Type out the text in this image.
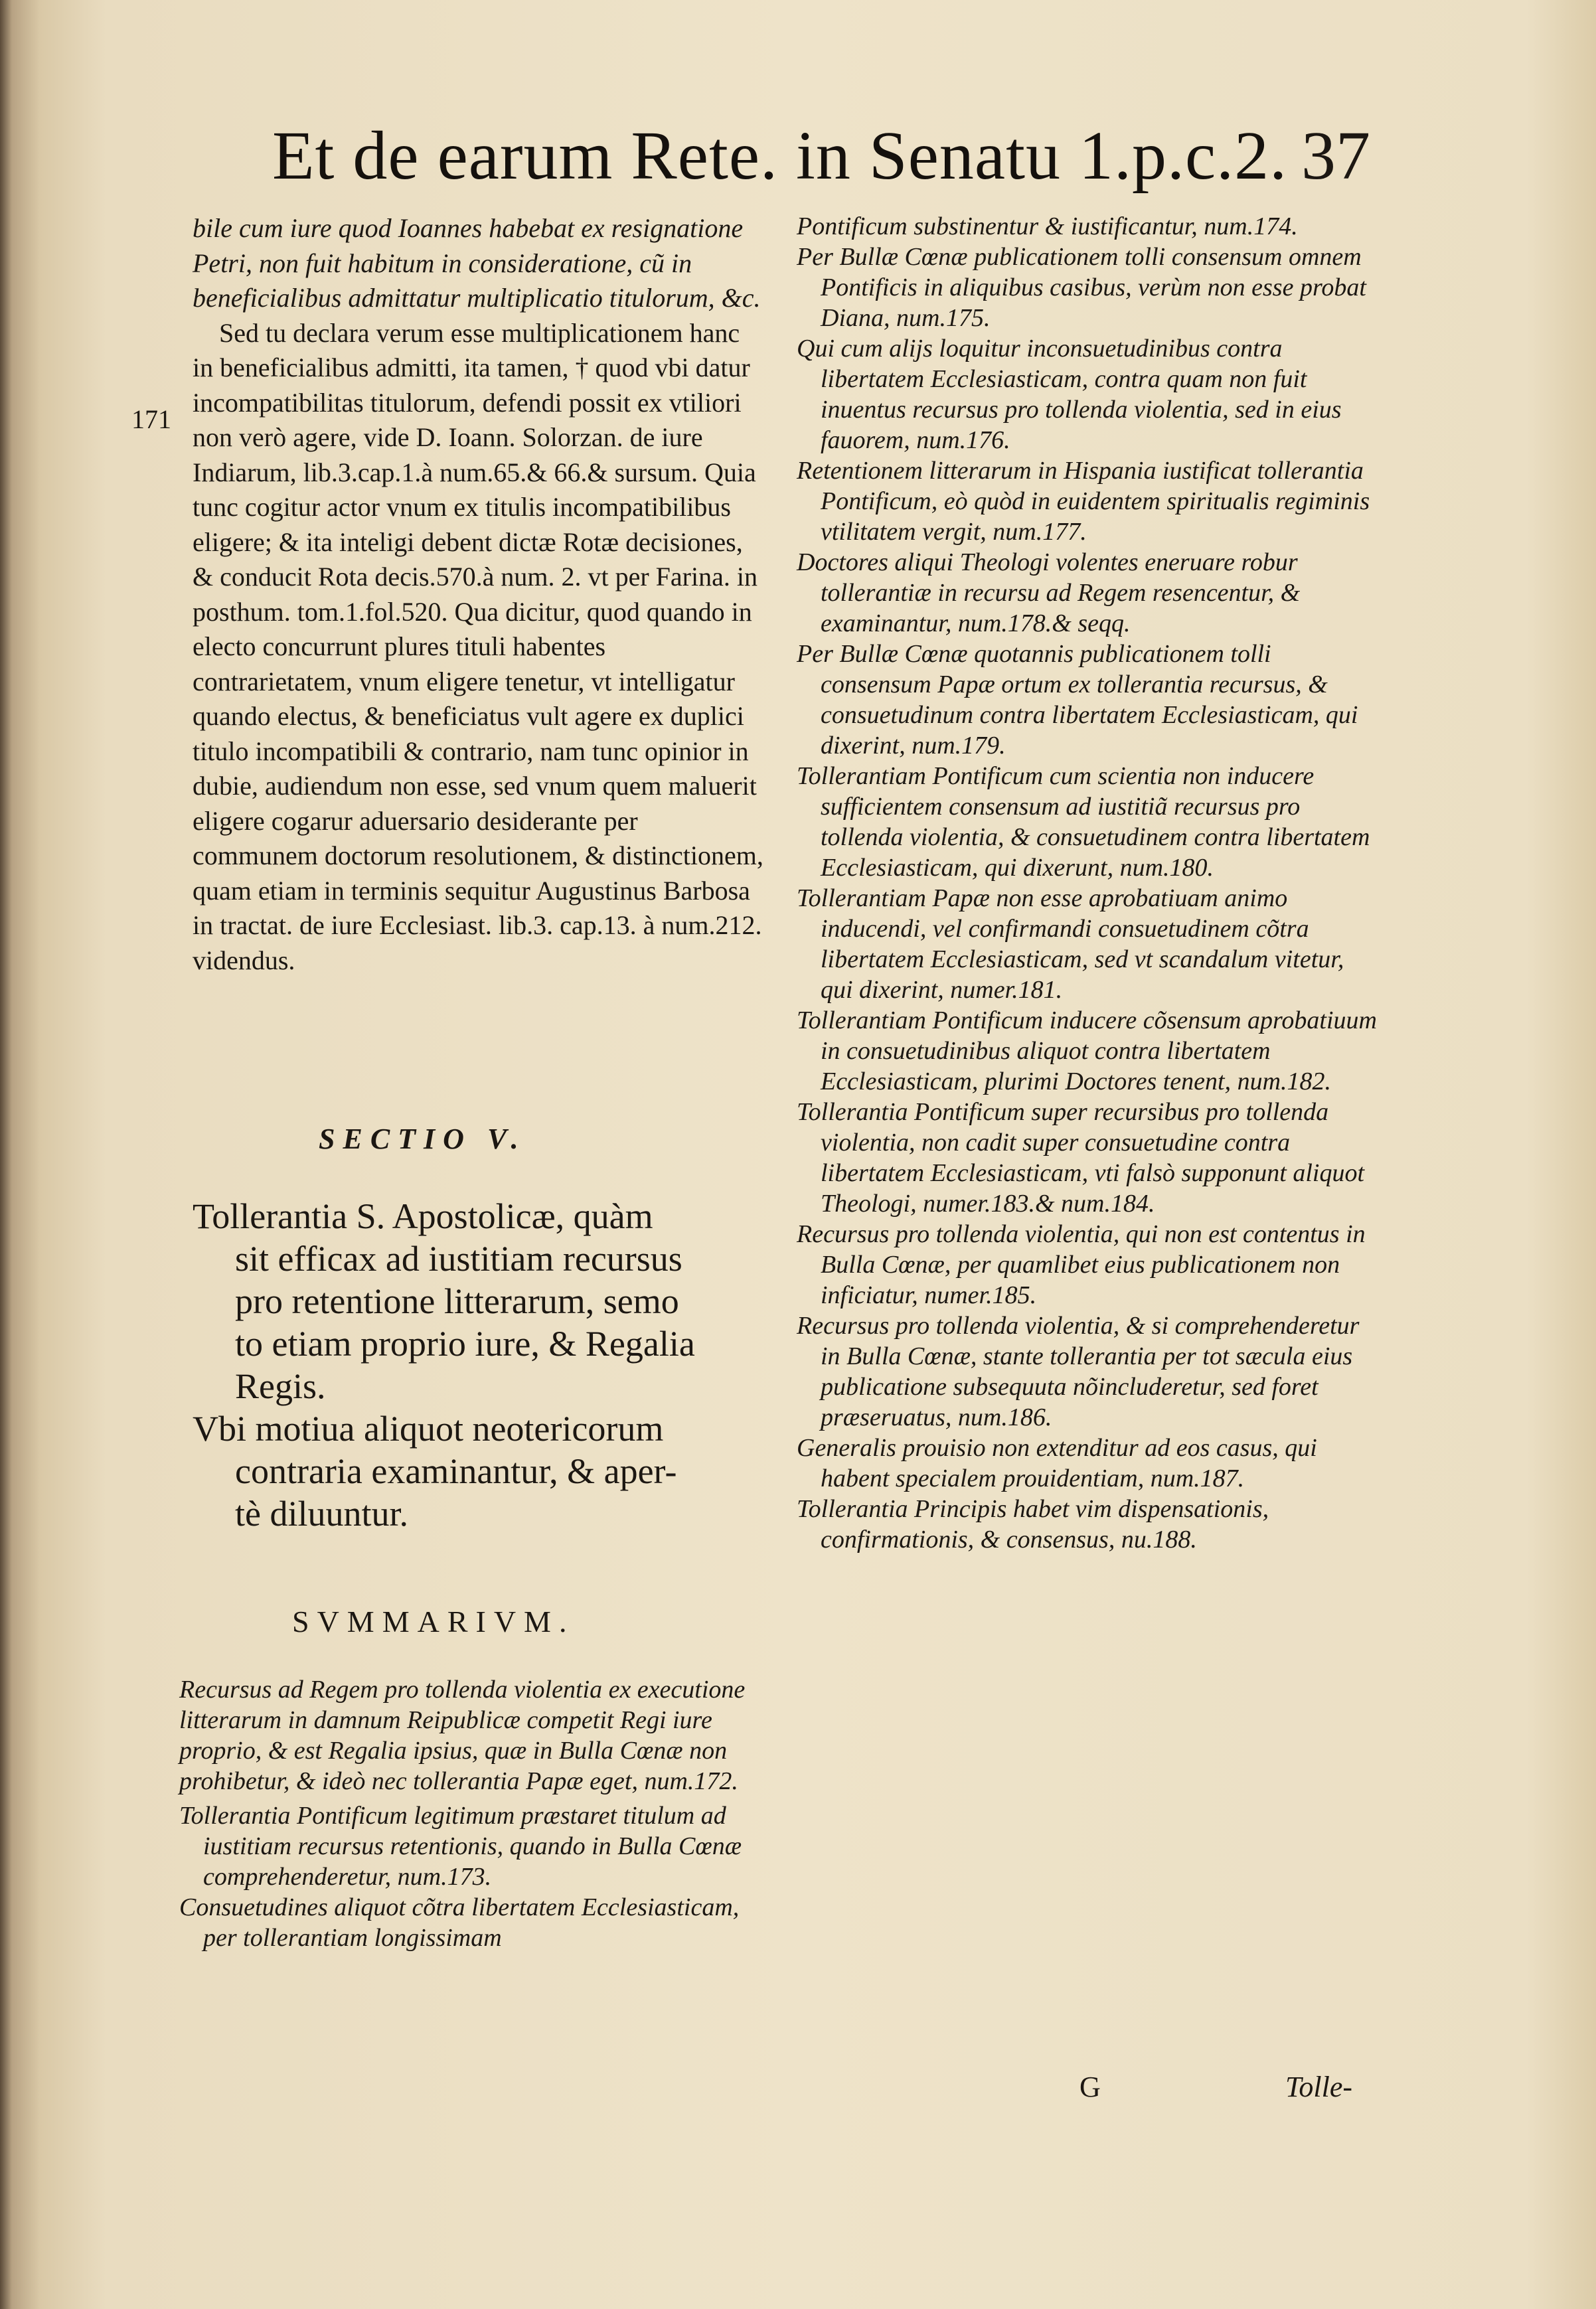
Et de earum Rete. in Senatu 1.p.c.2. 37
171

bile cum iure quod Ioannes habebat ex resignatione Petri, non fuit habitum in consideratione, cũ in beneficialibus admittatur multiplicatio titulorum, &c.

Sed tu declara verum esse multiplicationem hanc in beneficialibus admitti, ita tamen, † quod vbi datur incompatibilitas titulorum, defendi possit ex vtiliori non verò agere, vide D. Ioann. Solorzan. de iure Indiarum, lib.3.cap.1.à num.65.& 66.& sursum. Quia tunc cogitur actor vnum ex titulis incompatibilibus eligere; & ita inteligi debent dictæ Rotæ decisiones, & conducit Rota decis.570.à num. 2. vt per Farina. in posthum. tom.1.fol.520. Qua dicitur, quod quando in electo concurrunt plures tituli habentes contrarietatem, vnum eligere tenetur, vt intelligatur quando electus, & beneficiatus vult agere ex duplici titulo incompatibili & contrario, nam tunc opinior in dubie, audiendum non esse, sed vnum quem maluerit eligere cogarur aduersario desiderante per communem doctorum resolutionem, & distinctionem, quam etiam in terminis sequitur Augustinus Barbosa in tractat. de iure Ecclesiast. lib.3. cap.13. à num.212. videndus.

SECTIO V.

Tollerantia S. Apostolicæ, quàm

sit efficax ad iustitiam recursus

pro retentione litterarum, semo

to etiam proprio iure, & Regalia

Regis.

Vbi motiua aliquot neotericorum

contraria examinantur, & aper-

tè diluuntur.

SVMMARIVM.

Recursus ad Regem pro tollenda violentia ex executione litterarum in damnum Reipublicæ competit Regi iure proprio, & est Regalia ipsius, quæ in Bulla Cœnæ non prohibetur, & ideò nec tollerantia Papæ eget, num.172.

Tollerantia Pontificum legitimum præstaret titulum ad iustitiam recursus retentionis, quando in Bulla Cœnæ comprehenderetur, num.173.

Consuetudines aliquot cõtra libertatem Ecclesiasticam, per tollerantiam longissimam

Pontificum substinentur & iustificantur, num.174.

Per Bullæ Cœnæ publicationem tolli consensum omnem Pontificis in aliquibus casibus, verùm non esse probat Diana, num.175.

Qui cum alijs loquitur inconsuetudinibus contra libertatem Ecclesiasticam, contra quam non fuit inuentus recursus pro tollenda violentia, sed in eius fauorem, num.176.

Retentionem litterarum in Hispania iustificat tollerantia Pontificum, eò quòd in euidentem spiritualis regiminis vtilitatem vergit, num.177.

Doctores aliqui Theologi volentes eneruare robur tollerantiæ in recursu ad Regem resencentur, & examinantur, num.178.& seqq.

Per Bullæ Cœnæ quotannis publicationem tolli consensum Papæ ortum ex tollerantia recursus, & consuetudinum contra libertatem Ecclesiasticam, qui dixerint, num.179.

Tollerantiam Pontificum cum scientia non inducere sufficientem consensum ad iustitiã recursus pro tollenda violentia, & consuetudinem contra libertatem Ecclesiasticam, qui dixerunt, num.180.

Tollerantiam Papæ non esse aprobatiuam animo inducendi, vel confirmandi consuetudinem cõtra libertatem Ecclesiasticam, sed vt scandalum vitetur, qui dixerint, numer.181.

Tollerantiam Pontificum inducere cõsensum aprobatiuum in consuetudinibus aliquot contra libertatem Ecclesiasticam, plurimi Doctores tenent, num.182.

Tollerantia Pontificum super recursibus pro tollenda violentia, non cadit super consuetudine contra libertatem Ecclesiasticam, vti falsò supponunt aliquot Theologi, numer.183.& num.184.

Recursus pro tollenda violentia, qui non est contentus in Bulla Cœnæ, per quamlibet eius publicationem non inficiatur, numer.185.

Recursus pro tollenda violentia, & si comprehenderetur in Bulla Cœnæ, stante tollerantia per tot sæcula eius publicatione subsequuta nõincluderetur, sed foret præseruatus, num.186.

Generalis prouisio non extenditur ad eos casus, qui habent specialem prouidentiam, num.187.

Tollerantia Principis habet vim dispensationis, confirmationis, & consensus, nu.188.

G	Tolle-
